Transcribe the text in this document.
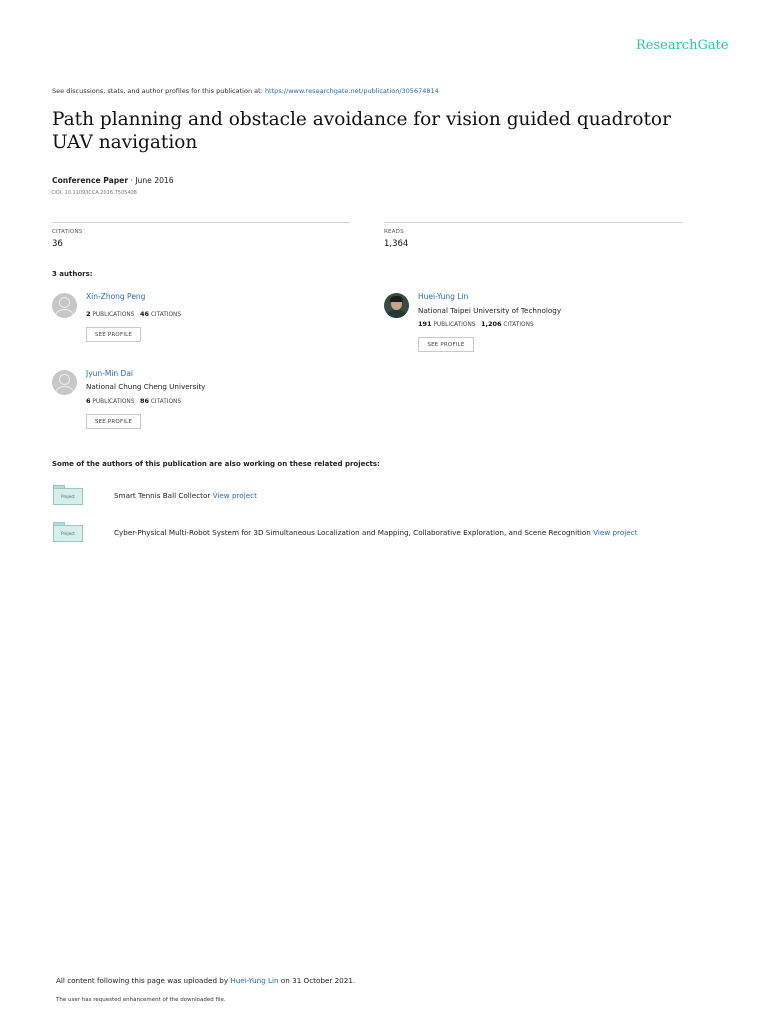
ResearchGate
See discussions, stats, and author profiles for this publication at: https://www.researchgate.net/publication/305674814
Path planning and obstacle avoidance for vision guided quadrotor UAV navigation
Conference Paper · June 2016
DOI: 10.1109/ICCA.2016.7505408
CITATIONS
36
READS
1,364
3 authors:
Xin-Zhong Peng
2 PUBLICATIONS 46 CITATIONS
SEE PROFILE
Huei-Yung Lin
National Taipei University of Technology
191 PUBLICATIONS 1,206 CITATIONS
SEE PROFILE
Jyun-Min Dai
National Chung Cheng University
6 PUBLICATIONS 86 CITATIONS
SEE PROFILE
Some of the authors of this publication are also working on these related projects:
Project	Smart Tennis Ball Collector View project
Project	Cyber-Physical Multi-Robot System for 3D Simultaneous Localization and Mapping, Collaborative Exploration, and Scene Recognition View project
All content following this page was uploaded by Huei-Yung Lin on 31 October 2021.
The user has requested enhancement of the downloaded file.
